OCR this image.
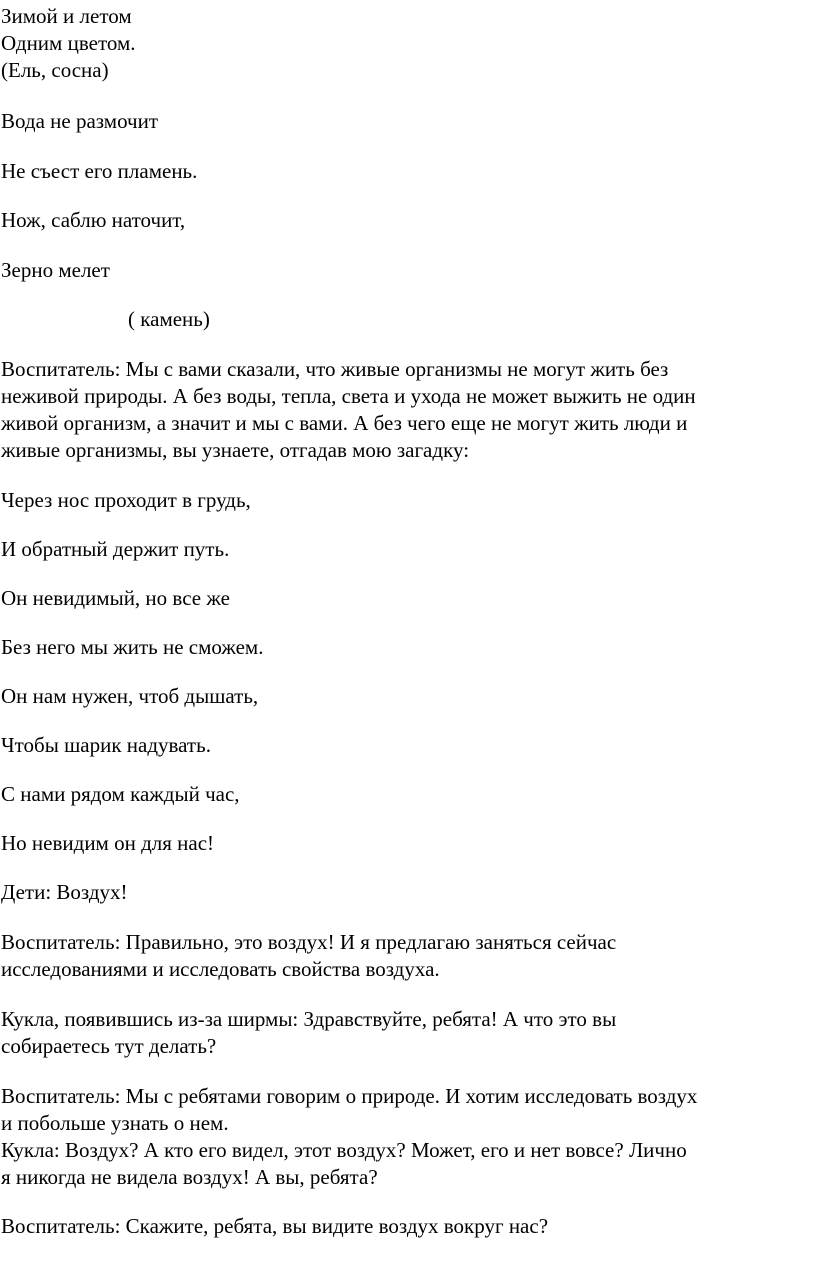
Зимой и летом
Одним цветом.
(Ель, сосна)
Вода не размочит
Не съест его пламень.
Нож, саблю наточит,
Зерно мелет
( камень)
Воспитатель: Мы с вами сказали, что живые организмы не могут жить без
неживой природы. А без воды, тепла, света и ухода не может выжить не один
живой организм, а значит и мы с вами. А без чего еще не могут жить люди и
живые организмы, вы узнаете, отгадав мою загадку:
Через нос проходит в грудь,
И обратный держит путь.
Он невидимый, но все же
Без него мы жить не сможем.
Он нам нужен, чтоб дышать,
Чтобы шарик надувать.
С нами рядом каждый час,
Но невидим он для нас!
Дети: Воздух!
Воспитатель: Правильно, это воздух! И я предлагаю заняться сейчас
исследованиями и исследовать свойства воздуха.
Кукла, появившись из-за ширмы: Здравствуйте, ребята! А что это вы
собираетесь тут делать?
Воспитатель: Мы с ребятами говорим о природе. И хотим исследовать воздух
и побольше узнать о нем.
Кукла: Воздух? А кто его видел, этот воздух? Может, его и нет вовсе? Лично
я никогда не видела воздух! А вы, ребята?
Воспитатель: Скажите, ребята, вы видите воздух вокруг нас?
